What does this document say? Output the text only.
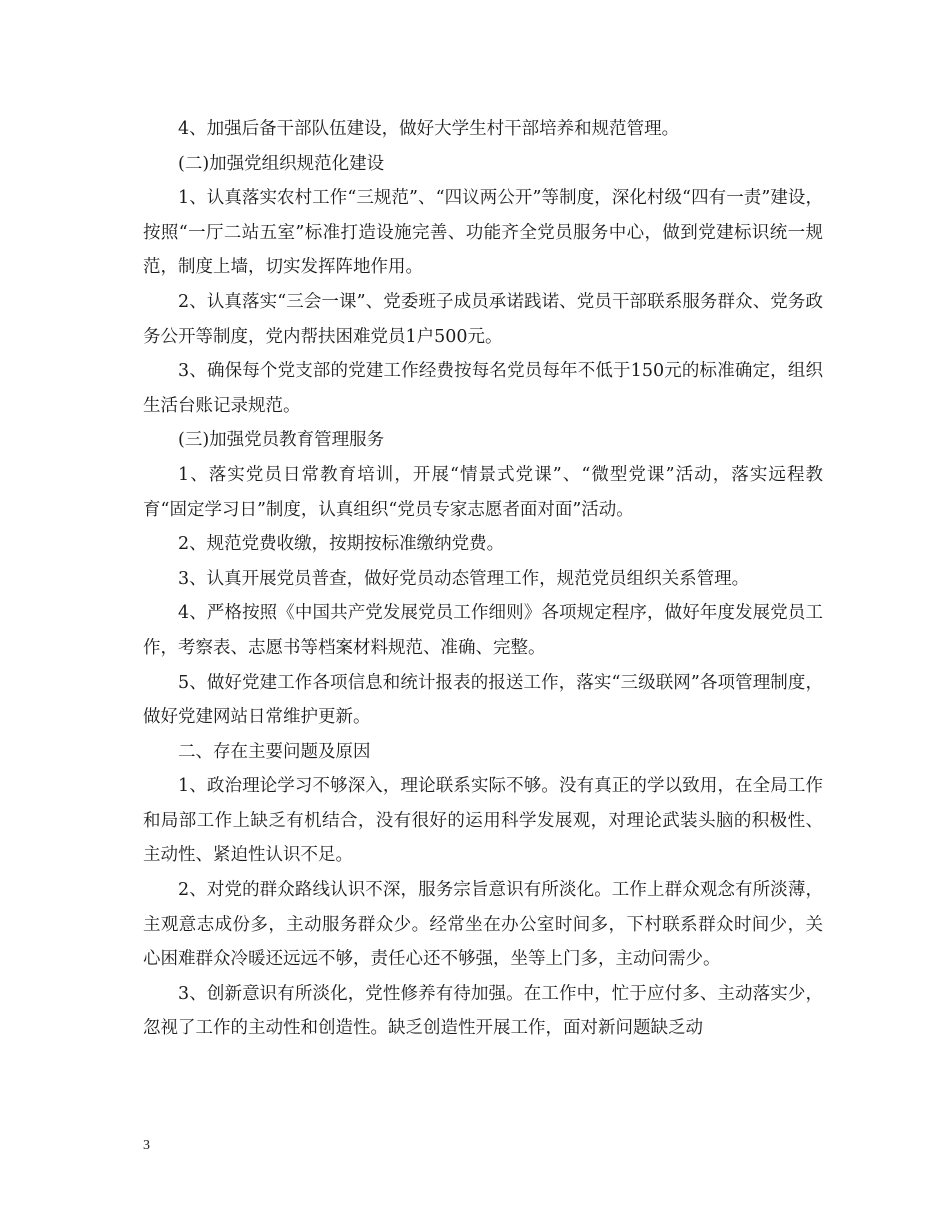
4、加强后备干部队伍建设，做好大学生村干部培养和规范管理。

(二)加强党组织规范化建设

1、认真落实农村工作“三规范”、“四议两公开”等制度，深化村级“四有一责”建设，按照“一厅二站五室”标准打造设施完善、功能齐全党员服务中心，做到党建标识统一规范，制度上墙，切实发挥阵地作用。

2、认真落实“三会一课”、党委班子成员承诺践诺、党员干部联系服务群众、党务政务公开等制度，党内帮扶困难党员1户500元。

3、确保每个党支部的党建工作经费按每名党员每年不低于150元的标准确定，组织生活台账记录规范。

(三)加强党员教育管理服务

1、落实党员日常教育培训，开展“情景式党课”、“微型党课”活动，落实远程教育“固定学习日”制度，认真组织“党员专家志愿者面对面”活动。

2、规范党费收缴，按期按标准缴纳党费。

3、认真开展党员普查，做好党员动态管理工作，规范党员组织关系管理。

4、严格按照《中国共产党发展党员工作细则》各项规定程序，做好年度发展党员工作，考察表、志愿书等档案材料规范、准确、完整。

5、做好党建工作各项信息和统计报表的报送工作，落实“三级联网”各项管理制度，做好党建网站日常维护更新。

二、存在主要问题及原因

1、政治理论学习不够深入，理论联系实际不够。没有真正的学以致用，在全局工作和局部工作上缺乏有机结合，没有很好的运用科学发展观，对理论武装头脑的积极性、主动性、紧迫性认识不足。

2、对党的群众路线认识不深，服务宗旨意识有所淡化。工作上群众观念有所淡薄，主观意志成份多，主动服务群众少。经常坐在办公室时间多，下村联系群众时间少，关心困难群众冷暖还远远不够，责任心还不够强，坐等上门多，主动问需少。

3、创新意识有所淡化，党性修养有待加强。在工作中，忙于应付多、主动落实少，忽视了工作的主动性和创造性。缺乏创造性开展工作，面对新问题缺乏动

3
